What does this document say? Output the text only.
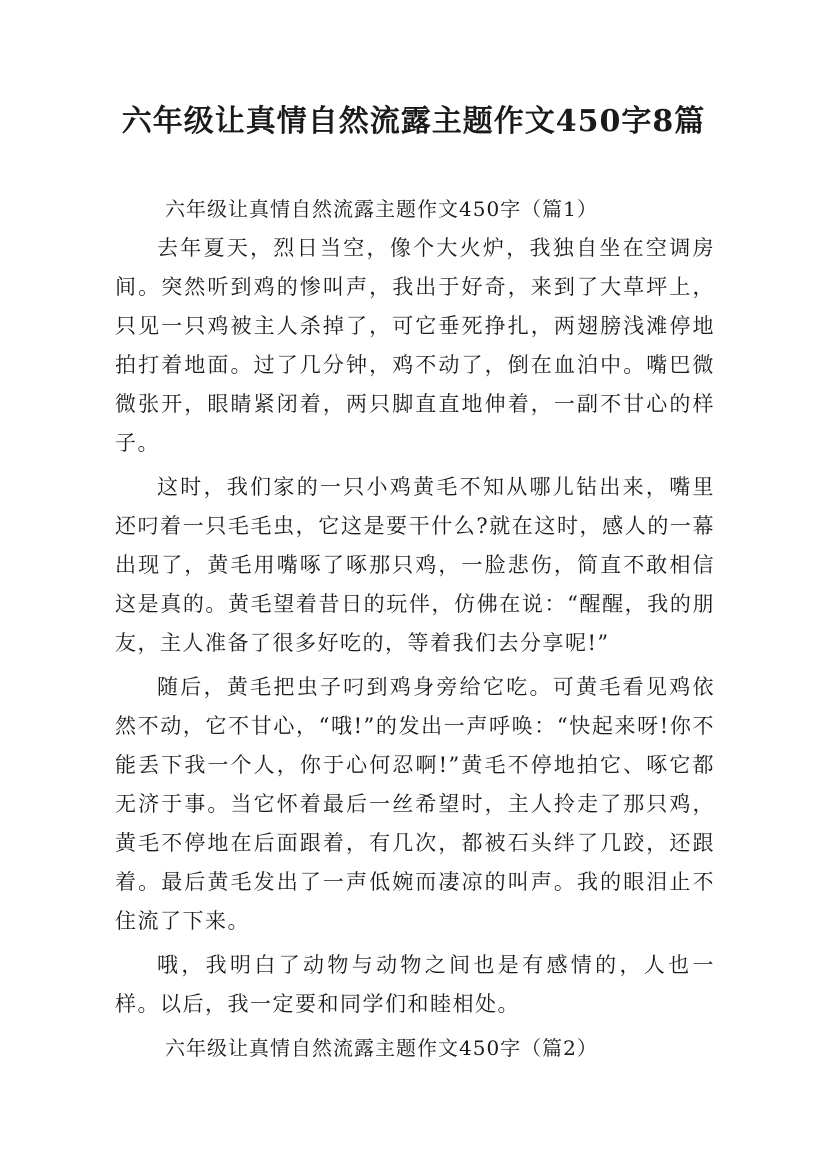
六年级让真情自然流露主题作文450字8篇

六年级让真情自然流露主题作文450字（篇1）

去年夏天，烈日当空，像个大火炉，我独自坐在空调房间。突然听到鸡的惨叫声，我出于好奇，来到了大草坪上，只见一只鸡被主人杀掉了，可它垂死挣扎，两翅膀浅滩停地拍打着地面。过了几分钟，鸡不动了，倒在血泊中。嘴巴微微张开，眼睛紧闭着，两只脚直直地伸着，一副不甘心的样子。

这时，我们家的一只小鸡黄毛不知从哪儿钻出来，嘴里还叼着一只毛毛虫，它这是要干什么?就在这时，感人的一幕出现了，黄毛用嘴啄了啄那只鸡，一脸悲伤，简直不敢相信这是真的。黄毛望着昔日的玩伴，仿佛在说：“醒醒，我的朋友，主人准备了很多好吃的，等着我们去分享呢!”

随后，黄毛把虫子叼到鸡身旁给它吃。可黄毛看见鸡依然不动，它不甘心，“哦!”的发出一声呼唤：“快起来呀!你不能丢下我一个人，你于心何忍啊!”黄毛不停地拍它、啄它都无济于事。当它怀着最后一丝希望时，主人拎走了那只鸡，黄毛不停地在后面跟着，有几次，都被石头绊了几跤，还跟着。最后黄毛发出了一声低婉而凄凉的叫声。我的眼泪止不住流了下来。

哦，我明白了动物与动物之间也是有感情的，人也一样。以后，我一定要和同学们和睦相处。

六年级让真情自然流露主题作文450字（篇2）
